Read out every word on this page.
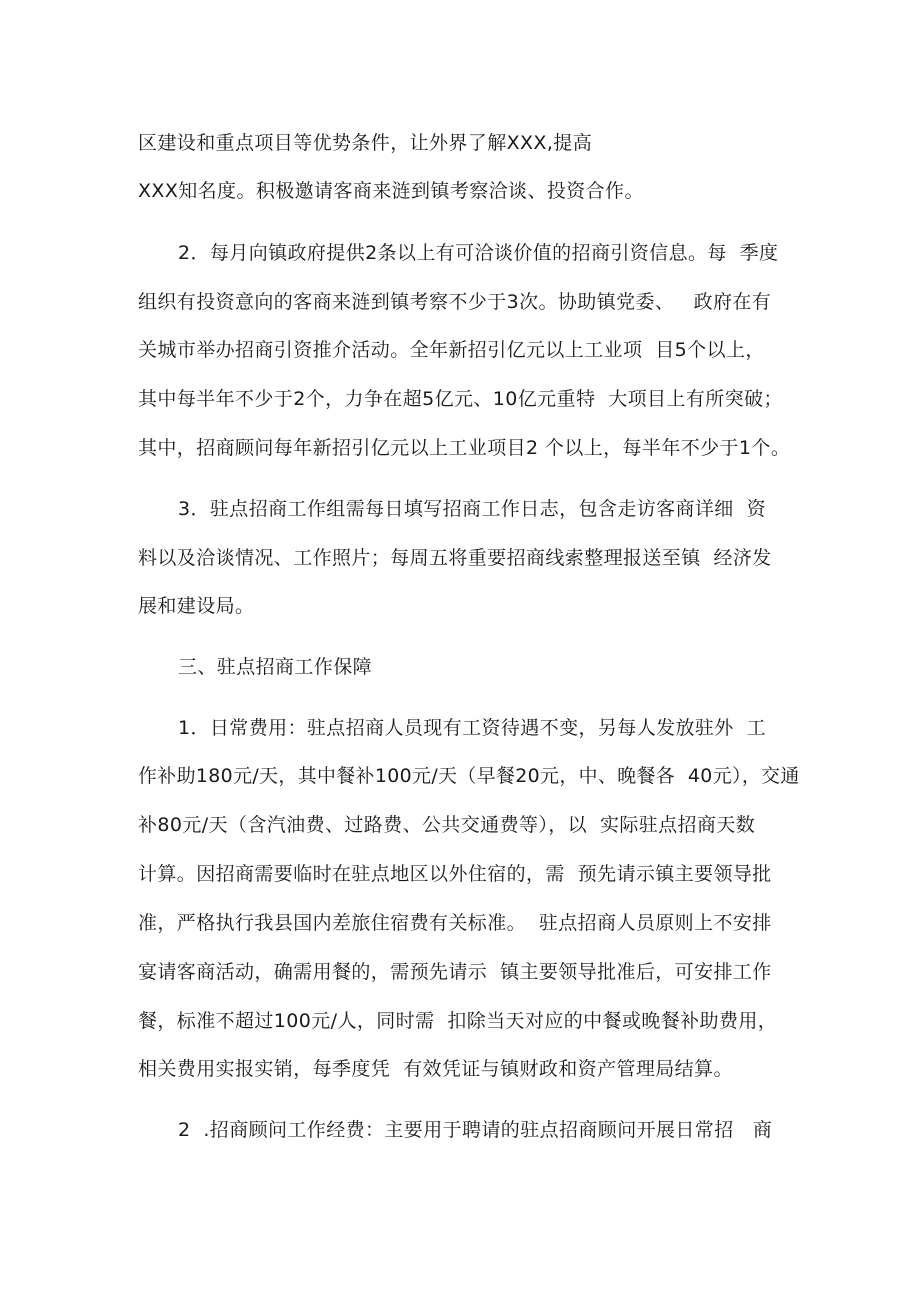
区建设和重点项目等优势条件，让外界了解XXX,提高
XXX知名度。积极邀请客商来涟到镇考察洽谈、投资合作。
2．每月向镇政府提供2条以上有可洽谈价值的招商引资信息。每  季度
组织有投资意向的客商来涟到镇考察不少于3次。协助镇党委、   政府在有
关城市举办招商引资推介活动。全年新招引亿元以上工业项  目5个以上，
其中每半年不少于2个，力争在超5亿元、10亿元重特  大项目上有所突破；
其中，招商顾问每年新招引亿元以上工业项目2 个以上，每半年不少于1个。
3．驻点招商工作组需每日填写招商工作日志，包含走访客商详细  资
料以及洽谈情况、工作照片；每周五将重要招商线索整理报送至镇  经济发
展和建设局。
三、驻点招商工作保障
1．日常费用：驻点招商人员现有工资待遇不变，另每人发放驻外  工
作补助180元/天，其中餐补100元/天（早餐20元，中、晚餐各  40元），交通
补80元/天（含汽油费、过路费、公共交通费等），以  实际驻点招商天数
计算。因招商需要临时在驻点地区以外住宿的，需  预先请示镇主要领导批
准，严格执行我县国内差旅住宿费有关标准。  驻点招商人员原则上不安排
宴请客商活动，确需用餐的，需预先请示  镇主要领导批准后，可安排工作
餐，标准不超过100元/人，同时需  扣除当天对应的中餐或晚餐补助费用，
相关费用实报实销，每季度凭  有效凭证与镇财政和资产管理局结算。
2  .招商顾问工作经费：主要用于聘请的驻点招商顾问开展日常招   商
